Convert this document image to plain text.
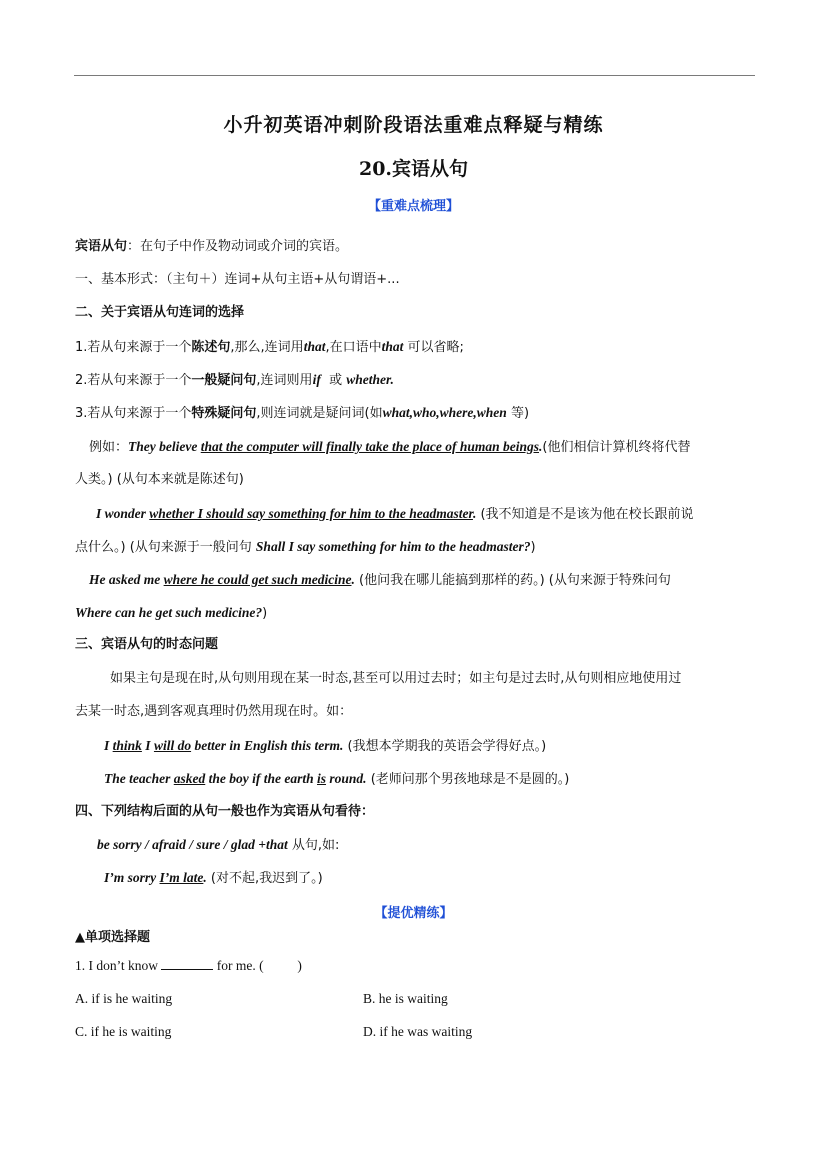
小升初英语冲刺阶段语法重难点释疑与精练
20.宾语从句
【重难点梳理】
宾语从句：在句子中作及物动词或介词的宾语。
一、基本形式：（主句＋）连词+从句主语+从句谓语+...
二、关于宾语从句连词的选择
1.若从句来源于一个陈述句,那么,连词用that,在口语中that 可以省略;
2.若从句来源于一个一般疑问句,连词则用if 或 whether.
3.若从句来源于一个特殊疑问句,则连词就是疑问词(如what,who,where,when 等)
例如：They believe that the computer will finally take the place of human beings.(他们相信计算机终将代替
人类。) (从句本来就是陈述句)
I wonder whether I should say something for him to the headmaster. (我不知道是不是该为他在校长跟前说
点什么。) (从句来源于一般问句 Shall I say something for him to the headmaster?)
He asked me where he could get such medicine. (他问我在哪儿能搞到那样的药。) (从句来源于特殊问句
Where can he get such medicine?)
三、宾语从句的时态问题
如果主句是现在时,从句则用现在某一时态,甚至可以用过去时；如主句是过去时,从句则相应地使用过
去某一时态,遇到客观真理时仍然用现在时。如：
I think I will do better in English this term. (我想本学期我的英语会学得好点。)
The teacher asked the boy if the earth is round. (老师问那个男孩地球是不是圆的。)
四、下列结构后面的从句一般也作为宾语从句看待：
be sorry / afraid / sure / glad +that 从句,如:
I’m sorry I’m late. (对不起,我迟到了。)
【提优精练】
▲单项选择题
1. I don’t know	for me. (	)
A. if is he waiting	B. he is waiting
C. if he is waiting	D. if he was waiting
